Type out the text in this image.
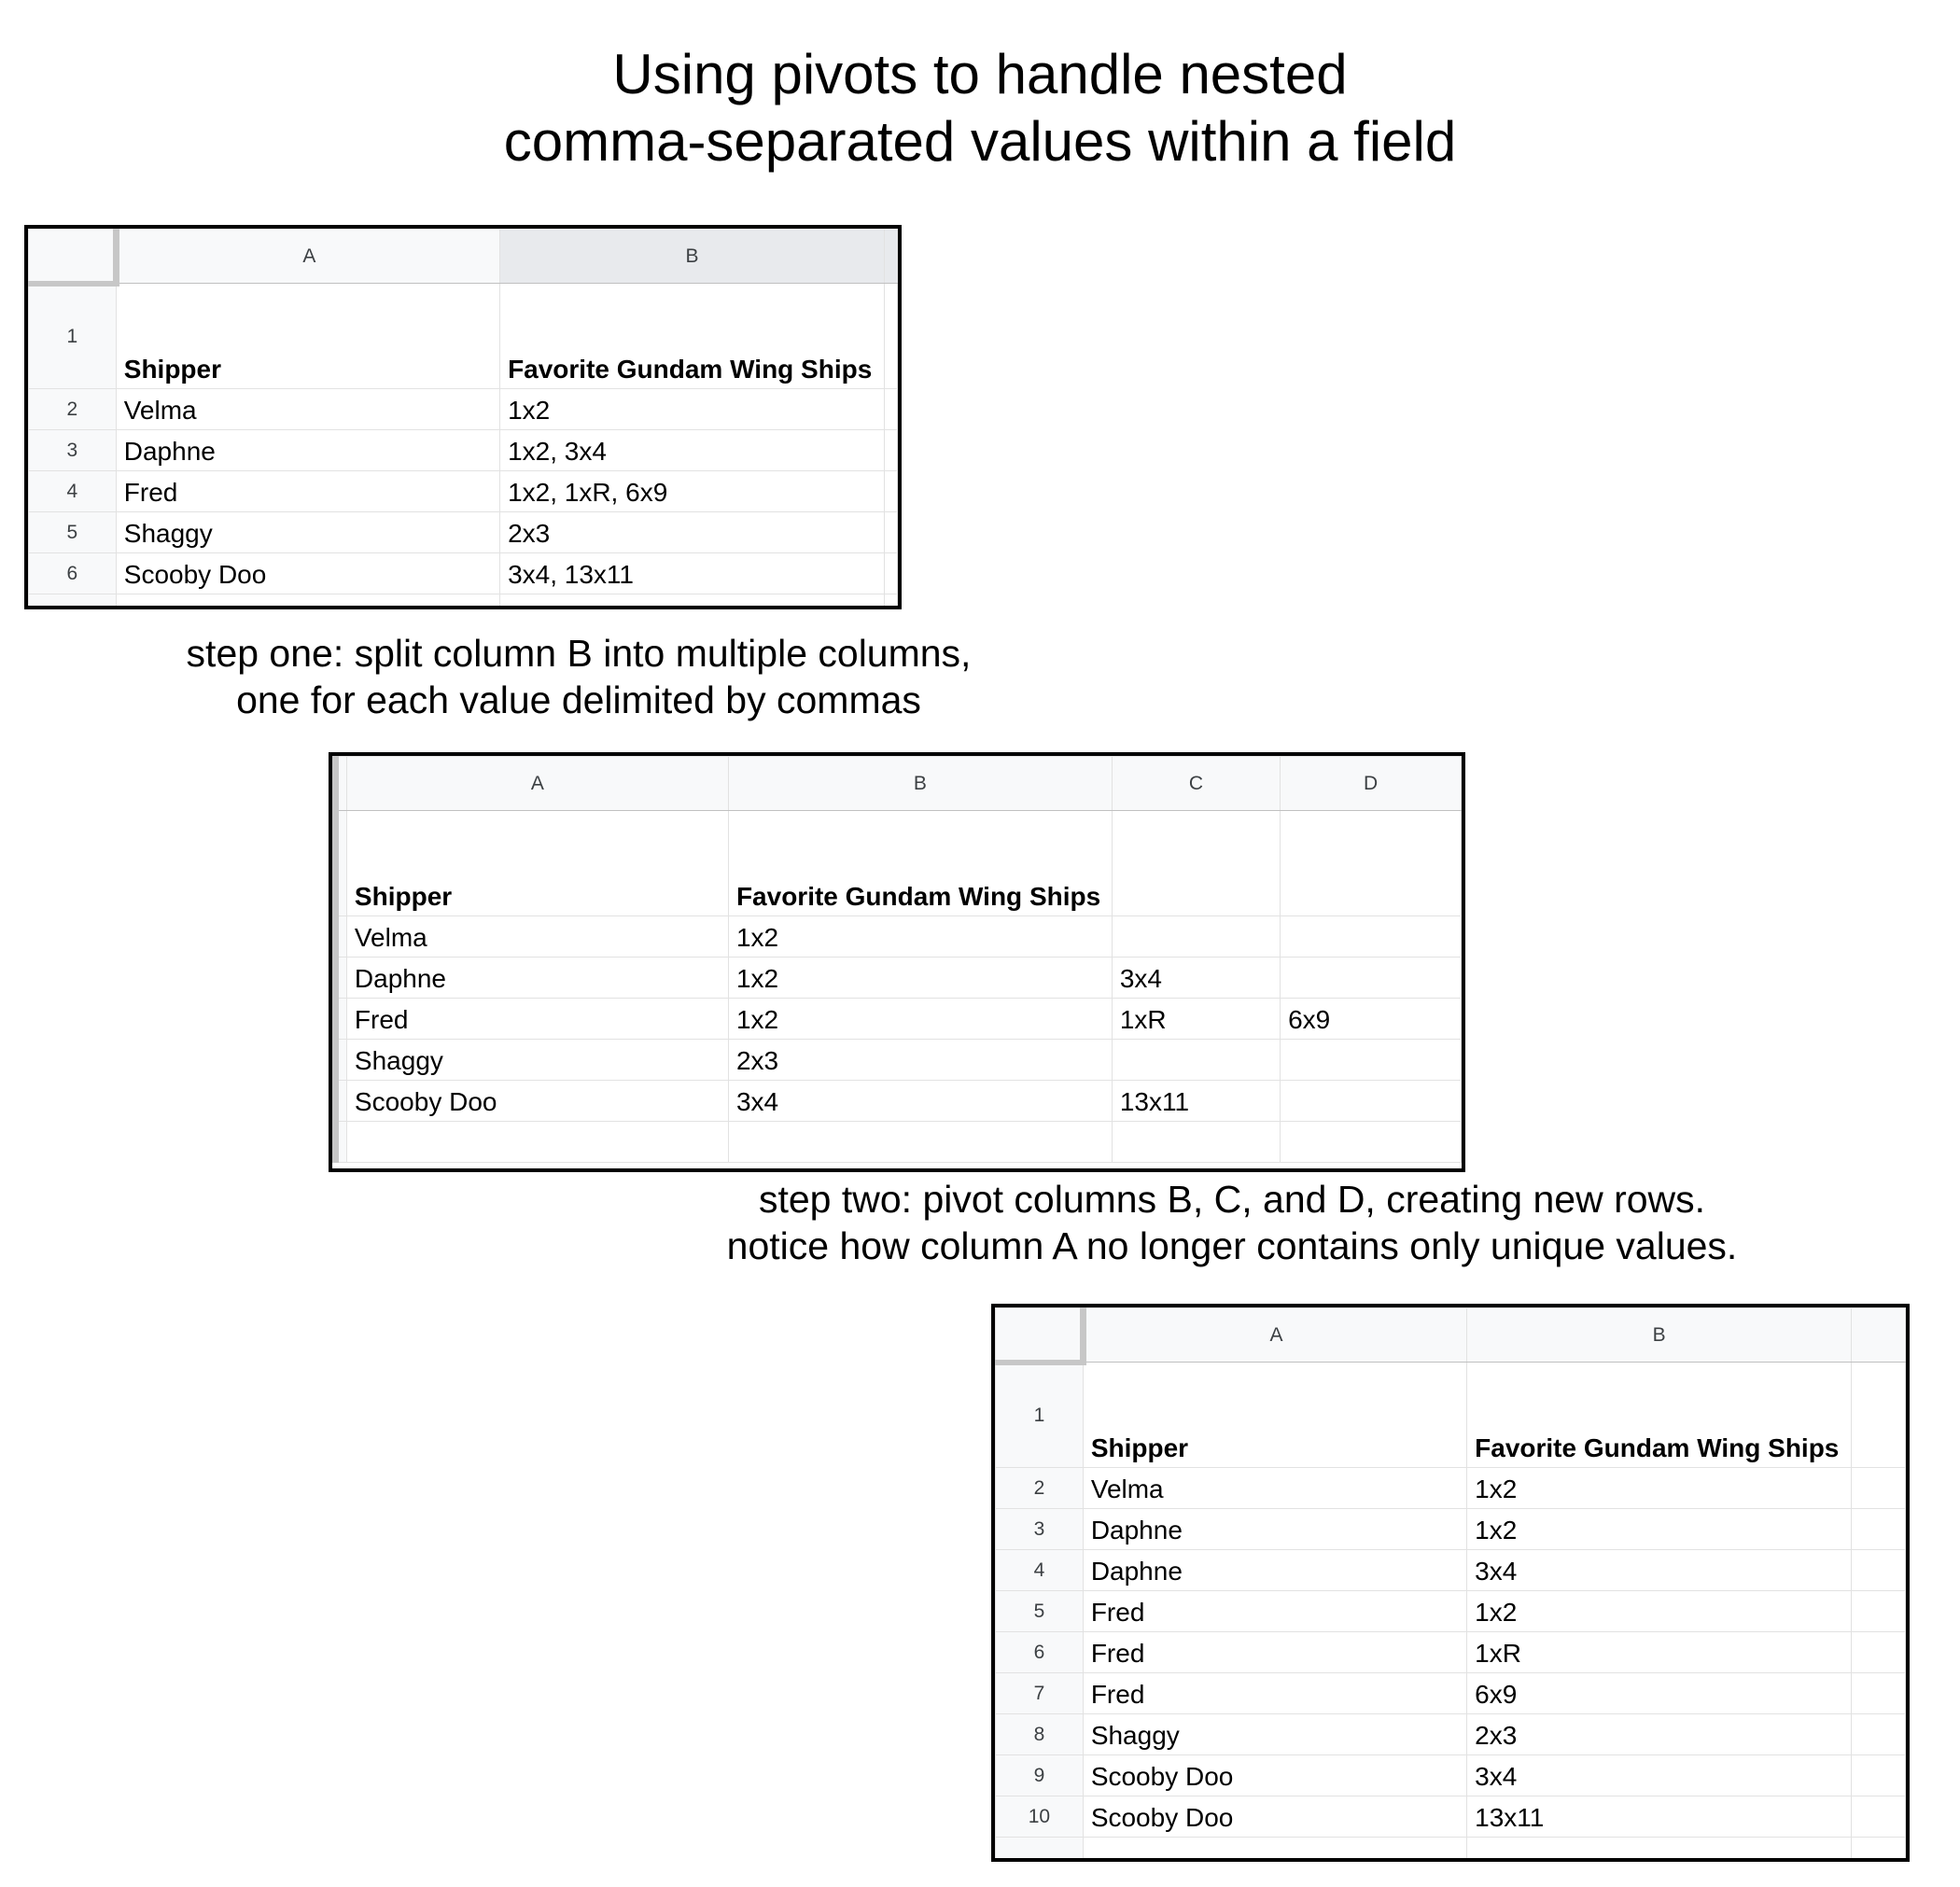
Using pivots to handle nested
comma-separated values within a field
	A	B	
1	Shipper	Favorite Gundam Wing Ships	
2	Velma	1x2	
3	Daphne	1x2, 3x4	
4	Fred	1x2, 1xR, 6x9	
5	Shaggy	2x3	
6	Scooby Doo	3x4, 13x11	

step one: split column B into multiple columns,
one for each value delimited by commas
	A	B	C	D
	Shipper	Favorite Gundam Wing Ships		
	Velma	1x2		
	Daphne	1x2	3x4	
	Fred	1x2	1xR	6x9
	Shaggy	2x3		
	Scooby Doo	3x4	13x11	

step two: pivot columns B, C, and D, creating new rows.
notice how column A no longer contains only unique values.
	A	B	
1	Shipper	Favorite Gundam Wing Ships	
2	Velma	1x2	
3	Daphne	1x2	
4	Daphne	3x4	
5	Fred	1x2	
6	Fred	1xR	
7	Fred	6x9	
8	Shaggy	2x3	
9	Scooby Doo	3x4	
10	Scooby Doo	13x11	
